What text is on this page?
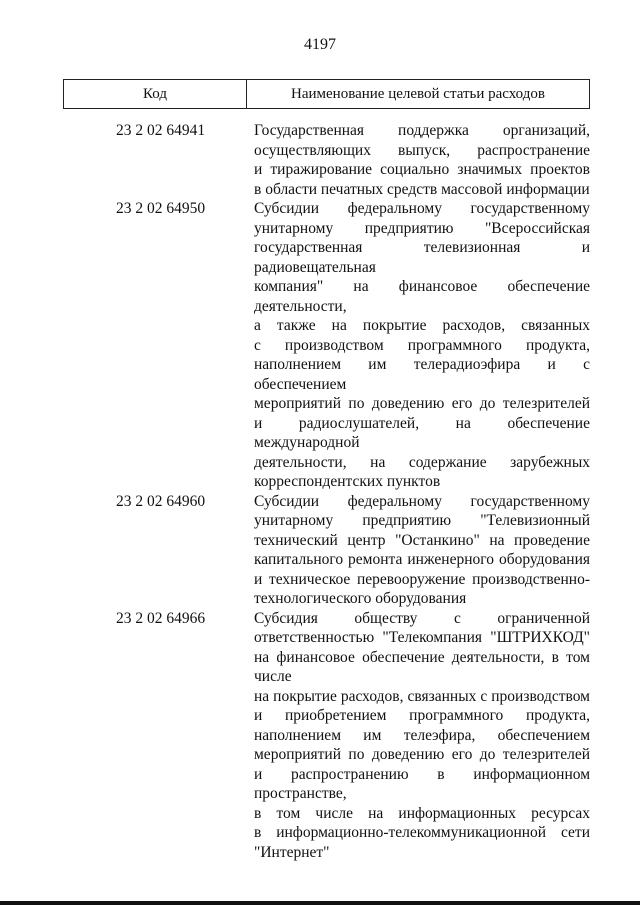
4197
Код	Наименование целевой статьи расходов
23 2 02 64941	Государственная поддержка организаций,
осуществляющих выпуск, распространение
и тиражирование социально значимых проектов
в области печатных средств массовой информации
23 2 02 64950	Субсидии федеральному государственному
унитарному предприятию "Всероссийская
государственная телевизионная и радиовещательная
компания" на финансовое обеспечение деятельности,
а также на покрытие расходов, связанных
с производством программного продукта,
наполнением им телерадиоэфира и с обеспечением
мероприятий по доведению его до телезрителей
и радиослушателей, на обеспечение международной
деятельности, на содержание зарубежных
корреспондентских пунктов
23 2 02 64960	Субсидии федеральному государственному
унитарному предприятию "Телевизионный
технический центр "Останкино" на проведение
капитального ремонта инженерного оборудования
и техническое перевооружение производственно-
технологического оборудования
23 2 02 64966	Субсидия обществу с ограниченной
ответственностью "Телекомпания "ШТРИХКОД"
на финансовое обеспечение деятельности, в том числе
на покрытие расходов, связанных с производством
и приобретением программного продукта,
наполнением им телеэфира, обеспечением
мероприятий по доведению его до телезрителей
и распространению в информационном пространстве,
в том числе на информационных ресурсах
в информационно-телекоммуникационной сети
"Интернет"
